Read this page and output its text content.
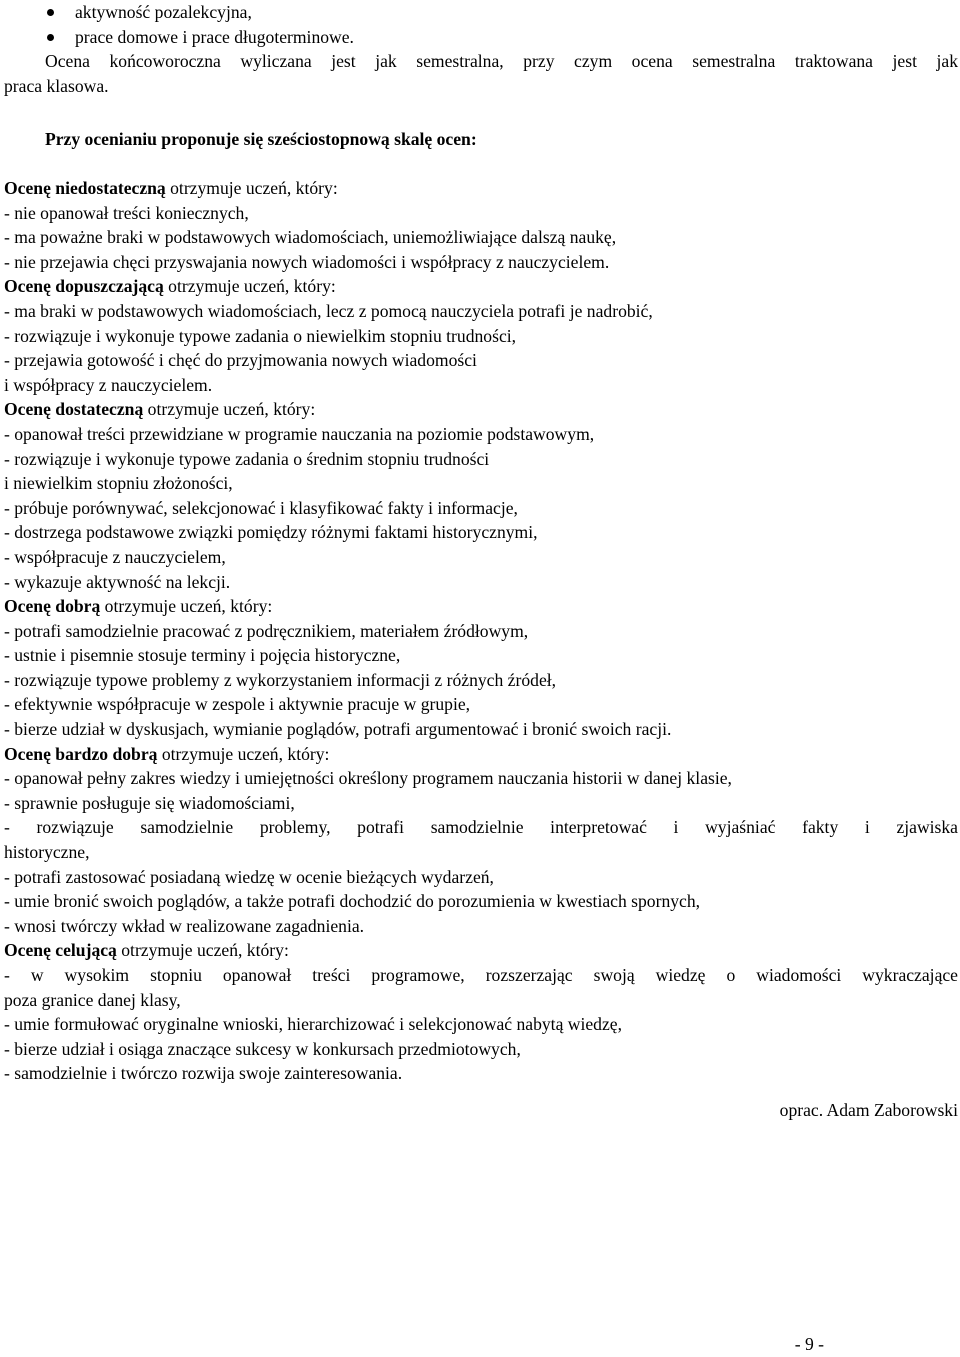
aktywność pozalekcyjna,
prace domowe i prace długoterminowe.
Ocena końcoworoczna wyliczana jest jak semestralna, przy czym ocena semestralna traktowana jest jak
praca klasowa.
Przy ocenianiu proponuje się sześciostopnową skalę ocen:
Ocenę niedostateczną otrzymuje uczeń, który:
- nie opanował treści koniecznych,
- ma poważne braki w podstawowych wiadomościach, uniemożliwiające dalszą naukę,
- nie przejawia chęci przyswajania nowych wiadomości i współpracy z nauczycielem.
Ocenę dopuszczającą otrzymuje uczeń, który:
- ma braki w podstawowych wiadomościach, lecz z pomocą nauczyciela potrafi je nadrobić,
- rozwiązuje i wykonuje typowe zadania o niewielkim stopniu trudności,
- przejawia gotowość i chęć do przyjmowania nowych wiadomości
i współpracy z nauczycielem.
Ocenę dostateczną otrzymuje uczeń, który:
- opanował treści przewidziane w programie nauczania na poziomie podstawowym,
- rozwiązuje i wykonuje typowe zadania o średnim stopniu trudności
i niewielkim stopniu złożoności,
- próbuje porównywać, selekcjonować i klasyfikować fakty i informacje,
- dostrzega podstawowe związki pomiędzy różnymi faktami historycznymi,
- współpracuje z nauczycielem,
- wykazuje aktywność na lekcji.
Ocenę dobrą otrzymuje uczeń, który:
- potrafi samodzielnie pracować z podręcznikiem, materiałem źródłowym,
- ustnie i pisemnie stosuje terminy i pojęcia historyczne,
- rozwiązuje typowe problemy z wykorzystaniem informacji z różnych źródeł,
- efektywnie współpracuje w zespole i aktywnie pracuje w grupie,
- bierze udział w dyskusjach, wymianie poglądów, potrafi argumentować i bronić swoich racji.
Ocenę bardzo dobrą otrzymuje uczeń, który:
- opanował pełny zakres wiedzy i umiejętności określony programem nauczania historii w danej klasie,
- sprawnie posługuje się wiadomościami,
- rozwiązuje samodzielnie problemy, potrafi samodzielnie interpretować i wyjaśniać fakty i zjawiska
historyczne,
- potrafi zastosować posiadaną wiedzę w ocenie bieżących wydarzeń,
- umie bronić swoich poglądów, a także potrafi dochodzić do porozumienia w kwestiach spornych,
- wnosi twórczy wkład w realizowane zagadnienia.
Ocenę celującą otrzymuje uczeń, który:
- w wysokim stopniu opanował treści programowe, rozszerzając swoją wiedzę o wiadomości wykraczające
poza granice danej klasy,
- umie formułować oryginalne wnioski, hierarchizować i selekcjonować nabytą wiedzę,
- bierze udział i osiąga znaczące sukcesy w konkursach przedmiotowych,
- samodzielnie i twórczo rozwija swoje zainteresowania.
oprac. Adam Zaborowski
- 9 -
